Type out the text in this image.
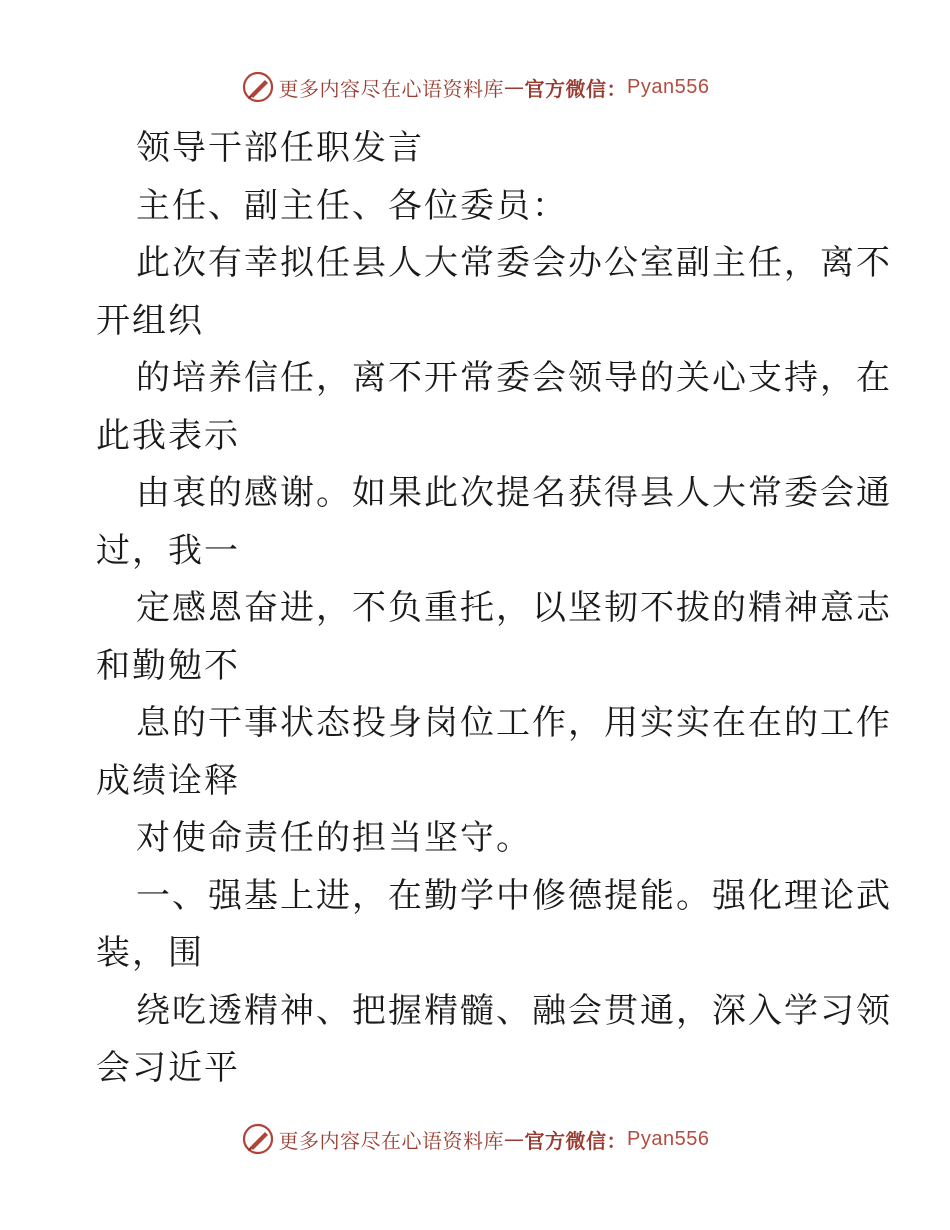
更多内容尽在心语资料库 — 官方微信： Pyan556
领导干部任职发言
主任、副主任、各位委员：
此次有幸拟任县人大常委会办公室副主任，离不
开组织
的培养信任，离不开常委会领导的关心支持，在
此我表示
由衷的感谢。如果此次提名获得县人大常委会通
过，我一
定感恩奋进，不负重托，以坚韧不拔的精神意志
和勤勉不
息的干事状态投身岗位工作，用实实在在的工作
成绩诠释
对使命责任的担当坚守。
一、强基上进，在勤学中修德提能。强化理论武
装，围
绕吃透精神、把握精髓、融会贯通，深入学习领
会习近平
更多内容尽在心语资料库 — 官方微信： Pyan556
